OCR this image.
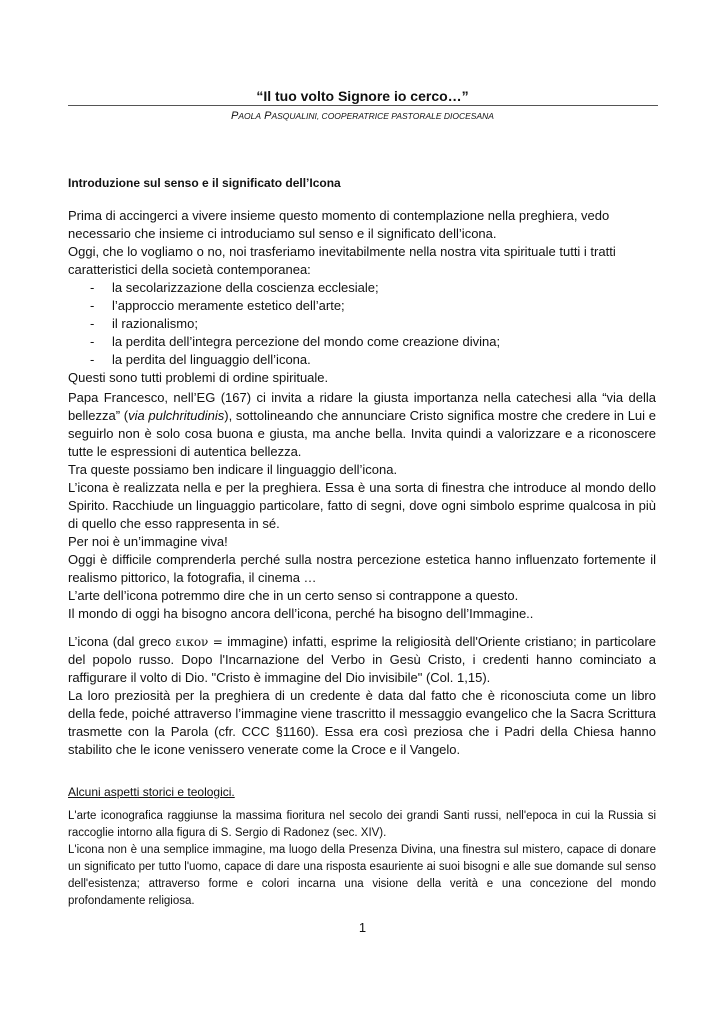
“Il tuo volto Signore io cerco…”
PAOLA PASQUALINI, COOPERATRICE PASTORALE DIOCESANA
Introduzione sul senso e il significato dell’Icona

Prima di accingerci a vivere insieme questo momento di contemplazione nella preghiera, vedo necessario che insieme ci introduciamo sul senso e il significato dell’icona.

Oggi, che lo vogliamo o no, noi trasferiamo inevitabilmente nella nostra vita spirituale tutti i tratti caratteristici della società contemporanea:

- la secolarizzazione della coscienza ecclesiale;
- l’approccio meramente estetico dell’arte;
- il razionalismo;
- la perdita dell’integra percezione del mondo come creazione divina;
- la perdita del linguaggio dell’icona.

Questi sono tutti problemi di ordine spirituale.

Papa Francesco, nell’EG (167) ci invita a ridare la giusta importanza nella catechesi alla “via della bellezza” (via pulchritudinis), sottolineando che annunciare Cristo significa mostre che credere in Lui e seguirlo non è solo cosa buona e giusta, ma anche bella. Invita quindi a valorizzare e a riconoscere tutte le espressioni di autentica bellezza.

Tra queste possiamo ben indicare il linguaggio dell’icona.

L’icona è realizzata nella e per la preghiera. Essa è una sorta di finestra che introduce al mondo dello Spirito. Racchiude un linguaggio particolare, fatto di segni, dove ogni simbolo esprime qualcosa in più di quello che esso rappresenta in sé.

Per noi è un’immagine viva!

Oggi è difficile comprenderla perché sulla nostra percezione estetica hanno influenzato fortemente il realismo pittorico, la fotografia, il cinema …

L’arte dell’icona potremmo dire che in un certo senso si contrappone a questo.

Il mondo di oggi ha bisogno ancora dell’icona, perché ha bisogno dell’Immagine..

L’icona (dal greco εικον = immagine) infatti, esprime la religiosità dell'Oriente cristiano; in particolare del popolo russo. Dopo l'Incarnazione del Verbo in Gesù Cristo, i credenti hanno cominciato a raffigurare il volto di Dio. "Cristo è immagine del Dio invisibile" (Col. 1,15).

La loro preziosità per la preghiera di un credente è data dal fatto che è riconosciuta come un libro della fede, poiché attraverso l’immagine viene trascritto il messaggio evangelico che la Sacra Scrittura trasmette con la Parola (cfr. CCC §1160). Essa era così preziosa che i Padri della Chiesa hanno stabilito che le icone venissero venerate come la Croce e il Vangelo.

Alcuni aspetti storici e teologici.

L'arte iconografica raggiunse la massima fioritura nel secolo dei grandi Santi russi, nell'epoca in cui la Russia si raccoglie intorno alla figura di S. Sergio di Radonez (sec. XIV).

L'icona non è una semplice immagine, ma luogo della Presenza Divina, una finestra sul mistero, capace di donare un significato per tutto l'uomo, capace di dare una risposta esauriente ai suoi bisogni e alle sue domande sul senso dell'esistenza; attraverso forme e colori incarna una visione della verità e una concezione del mondo profondamente religiosa.

1
